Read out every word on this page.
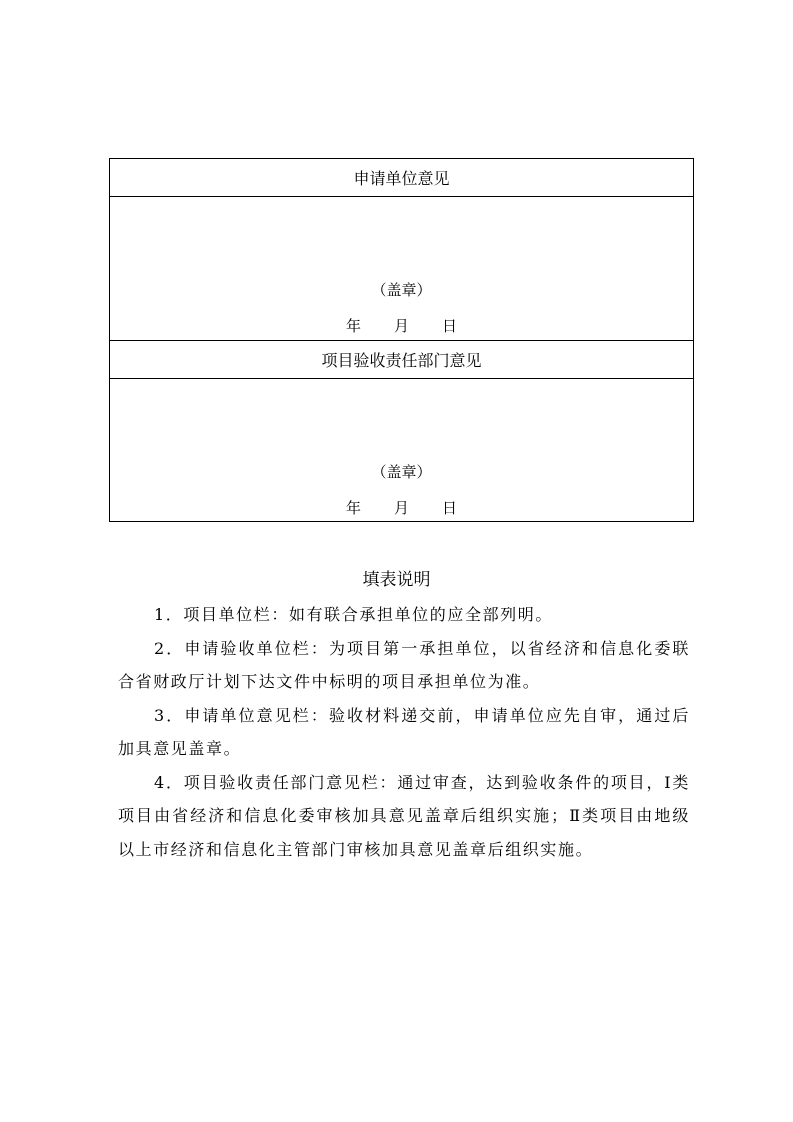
申请单位意见
（盖章）
年	月	日
项目验收责任部门意见
（盖章）
年	月	日
填表说明

1．项目单位栏：如有联合承担单位的应全部列明。

2．申请验收单位栏：为项目第一承担单位，以省经济和信息化委联合省财政厅计划下达文件中标明的项目承担单位为准。

3．申请单位意见栏：验收材料递交前，申请单位应先自审，通过后加具意见盖章。

4．项目验收责任部门意见栏：通过审查，达到验收条件的项目，Ⅰ类项目由省经济和信息化委审核加具意见盖章后组织实施；Ⅱ类项目由地级以上市经济和信息化主管部门审核加具意见盖章后组织实施。
